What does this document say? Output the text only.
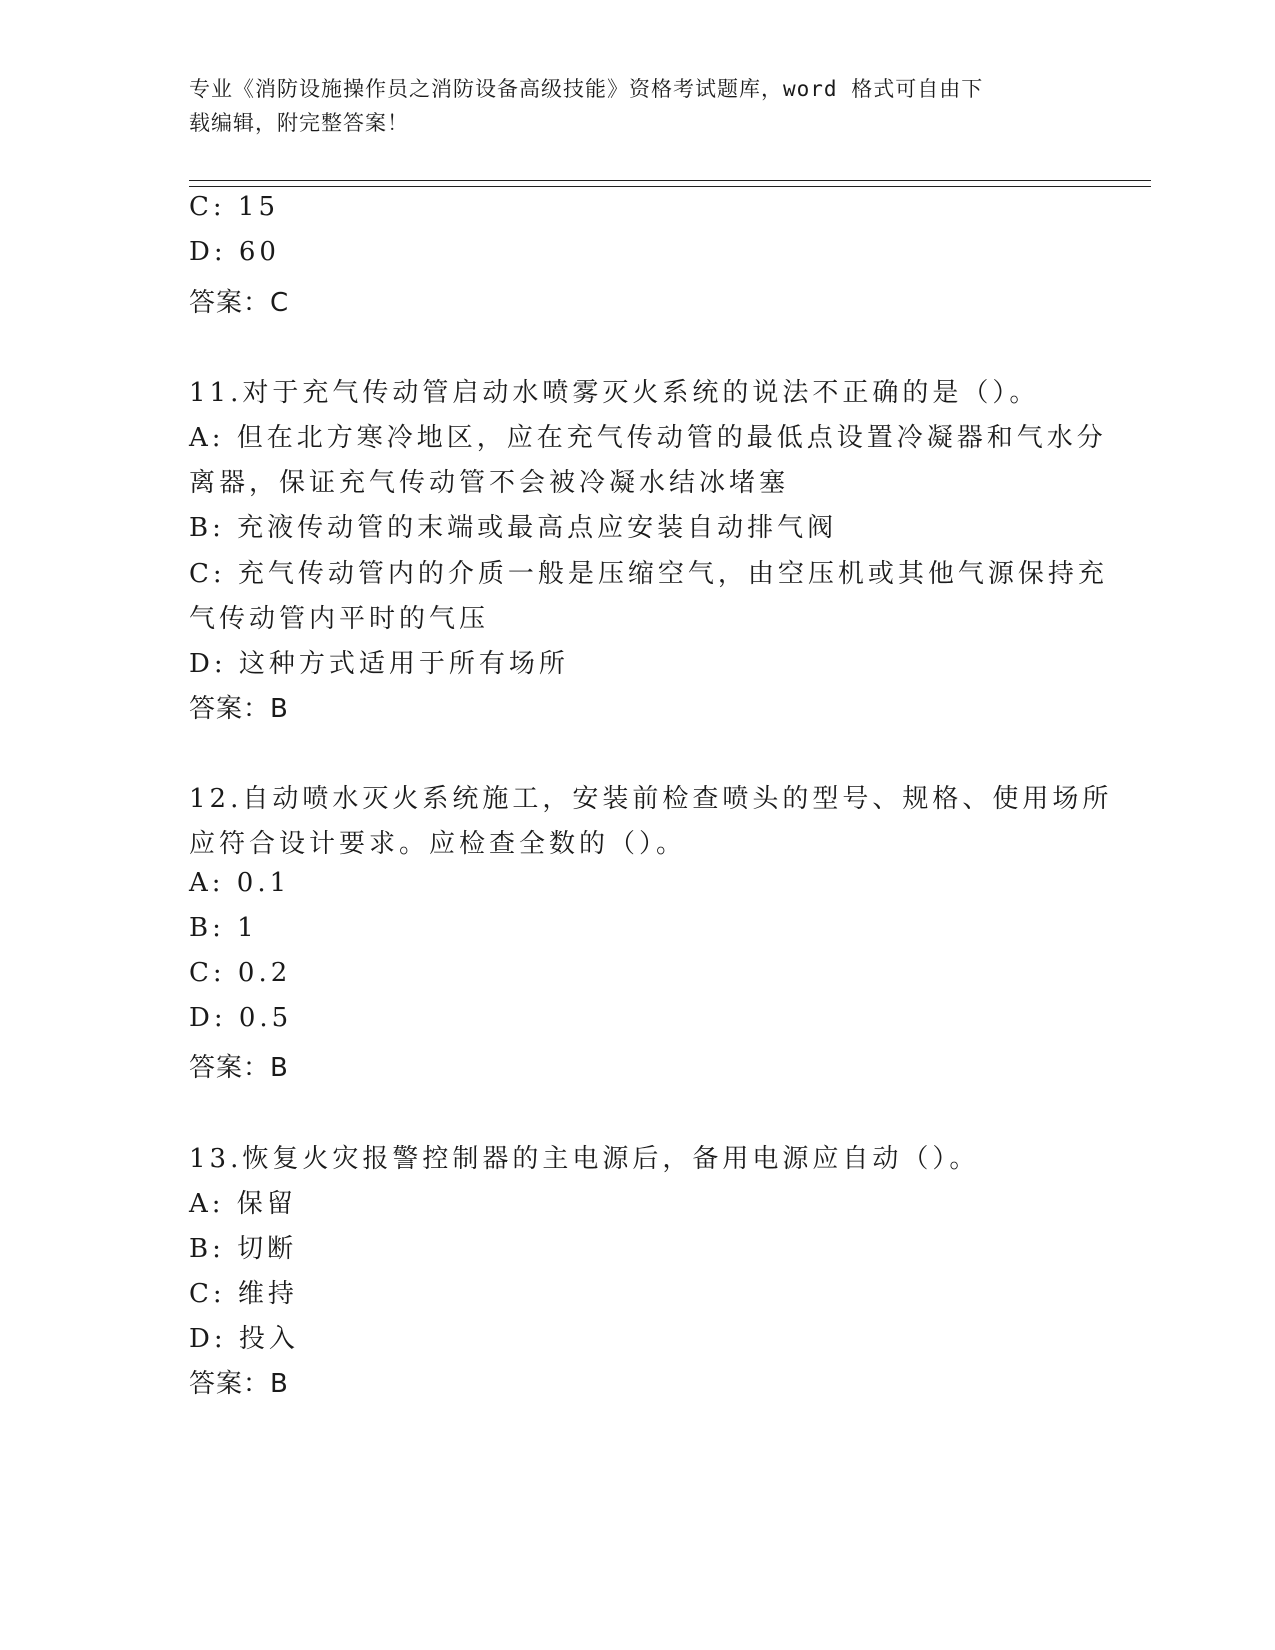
专业《消防设施操作员之消防设备高级技能》资格考试题库，word 格式可自由下
载编辑，附完整答案！
C: 15
D: 60
答案：C
11.对于充气传动管启动水喷雾灭火系统的说法不正确的是（）。
A: 但在北方寒冷地区，应在充气传动管的最低点设置冷凝器和气水分
离器，保证充气传动管不会被冷凝水结冰堵塞
B: 充液传动管的末端或最高点应安装自动排气阀
C: 充气传动管内的介质一般是压缩空气，由空压机或其他气源保持充
气传动管内平时的气压
D: 这种方式适用于所有场所
答案：B
12.自动喷水灭火系统施工，安装前检查喷头的型号、规格、使用场所
应符合设计要求。应检查全数的（）。
A: 0.1
B: 1
C: 0.2
D: 0.5
答案：B
13.恢复火灾报警控制器的主电源后，备用电源应自动（）。
A: 保留
B: 切断
C: 维持
D: 投入
答案：B
